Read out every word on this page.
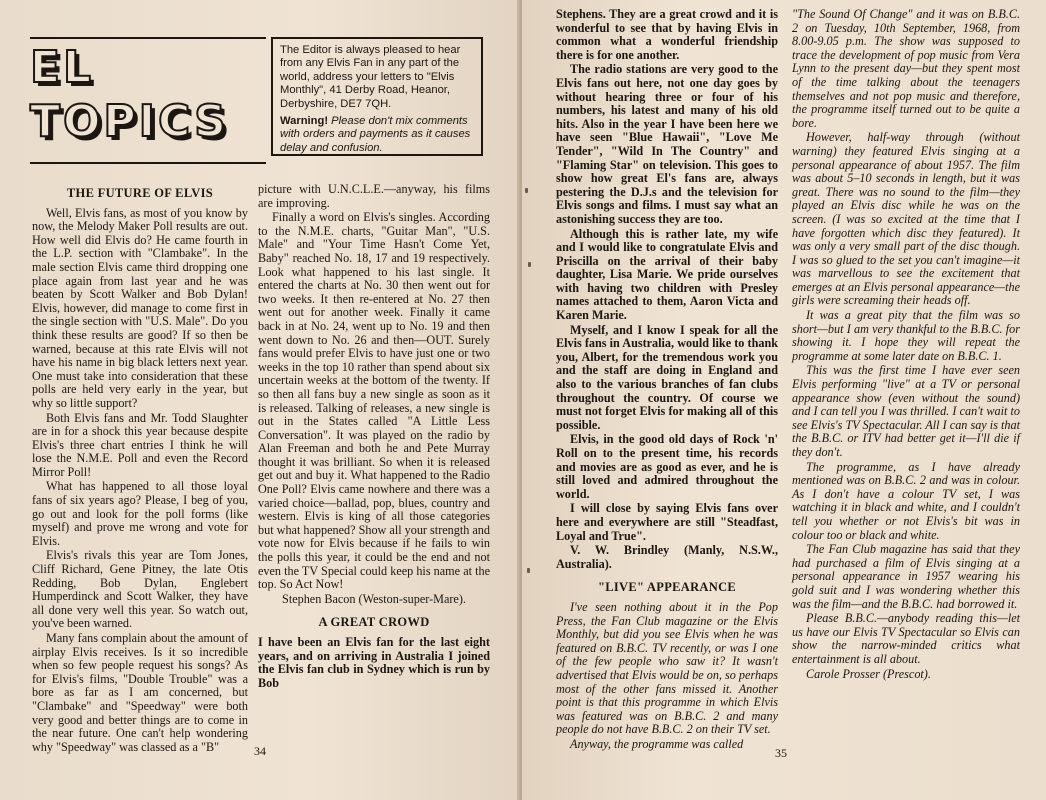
EL
TOPICS

The Editor is always pleased to hear from any Elvis Fan in any part of the world, address your letters to "Elvis Monthly", 41 Derby Road, Heanor, Derbyshire, DE7 7QH.

Warning! Please don't mix comments with orders and payments as it causes delay and confusion.

THE FUTURE OF ELVIS

Well, Elvis fans, as most of you know by now, the Melody Maker Poll results are out. How well did Elvis do? He came fourth in the L.P. section with "Clambake". In the male section Elvis came third dropping one place again from last year and he was beaten by Scott Walker and Bob Dylan! Elvis, however, did manage to come first in the single section with "U.S. Male". Do you think these results are good? If so then be warned, because at this rate Elvis will not have his name in big black letters next year. One must take into consideration that these polls are held very early in the year, but why so little support?

Both Elvis fans and Mr. Todd Slaughter are in for a shock this year because despite Elvis's three chart entries I think he will lose the N.M.E. Poll and even the Record Mirror Poll!

What has happened to all those loyal fans of six years ago? Please, I beg of you, go out and look for the poll forms (like myself) and prove me wrong and vote for Elvis.

Elvis's rivals this year are Tom Jones, Cliff Richard, Gene Pitney, the late Otis Redding, Bob Dylan, Englebert Humperdinck and Scott Walker, they have all done very well this year. So watch out, you've been warned.

Many fans complain about the amount of airplay Elvis receives. Is it so incredible when so few people request his songs? As for Elvis's films, "Double Trouble" was a bore as far as I am concerned, but "Clambake" and "Speedway" were both very good and better things are to come in the near future. One can't help wondering why "Speedway" was classed as a "B"

picture with U.N.C.L.E.—anyway, his films are improving.

Finally a word on Elvis's singles. According to the N.M.E. charts, "Guitar Man", "U.S. Male" and "Your Time Hasn't Come Yet, Baby" reached No. 18, 17 and 19 respectively. Look what happened to his last single. It entered the charts at No. 30 then went out for two weeks. It then re-entered at No. 27 then went out for another week. Finally it came back in at No. 24, went up to No. 19 and then went down to No. 26 and then—OUT. Surely fans would prefer Elvis to have just one or two weeks in the top 10 rather than spend about six uncertain weeks at the bottom of the twenty. If so then all fans buy a new single as soon as it is released. Talking of releases, a new single is out in the States called "A Little Less Conversation". It was played on the radio by Alan Freeman and both he and Pete Murray thought it was brilliant. So when it is released get out and buy it. What happened to the Radio One Poll? Elvis came nowhere and there was a varied choice—ballad, pop, blues, country and western. Elvis is king of all those categories but what happened? Show all your strength and vote now for Elvis because if he fails to win the polls this year, it could be the end and not even the TV Special could keep his name at the top. So Act Now!

Stephen Bacon (Weston-super-Mare).

A GREAT CROWD

I have been an Elvis fan for the last eight years, and on arriving in Australia I joined the Elvis fan club in Sydney which is run by Bob

34

Stephens. They are a great crowd and it is wonderful to see that by having Elvis in common what a wonderful friendship there is for one another.

The radio stations are very good to the Elvis fans out here, not one day goes by without hearing three or four of his numbers, his latest and many of his old hits. Also in the year I have been here we have seen "Blue Hawaii", "Love Me Tender", "Wild In The Country" and "Flaming Star" on television. This goes to show how great El's fans are, always pestering the D.J.s and the television for Elvis songs and films. I must say what an astonishing success they are too.

Although this is rather late, my wife and I would like to congratulate Elvis and Priscilla on the arrival of their baby daughter, Lisa Marie. We pride ourselves with having two children with Presley names attached to them, Aaron Victa and Karen Marie.

Myself, and I know I speak for all the Elvis fans in Australia, would like to thank you, Albert, for the tremendous work you and the staff are doing in England and also to the various branches of fan clubs throughout the country. Of course we must not forget Elvis for making all of this possible.

Elvis, in the good old days of Rock 'n' Roll on to the present time, his records and movies are as good as ever, and he is still loved and admired throughout the world.

I will close by saying Elvis fans over here and everywhere are still "Steadfast, Loyal and True".

V. W. Brindley (Manly, N.S.W., Australia).

"LIVE" APPEARANCE

I've seen nothing about it in the Pop Press, the Fan Club magazine or the Elvis Monthly, but did you see Elvis when he was featured on B.B.C. TV recently, or was I one of the few people who saw it? It wasn't advertised that Elvis would be on, so perhaps most of the other fans missed it. Another point is that this programme in which Elvis was featured was on B.B.C. 2 and many people do not have B.B.C. 2 on their TV set.

Anyway, the programme was called

"The Sound Of Change" and it was on B.B.C. 2 on Tuesday, 10th September, 1968, from 8.00-9.05 p.m. The show was supposed to trace the development of pop music from Vera Lynn to the present day—but they spent most of the time talking about the teenagers themselves and not pop music and therefore, the programme itself turned out to be quite a bore.

However, half-way through (without warning) they featured Elvis singing at a personal appearance of about 1957. The film was about 5–10 seconds in length, but it was great. There was no sound to the film—they played an Elvis disc while he was on the screen. (I was so excited at the time that I have forgotten which disc they featured). It was only a very small part of the disc though. I was so glued to the set you can't imagine—it was marvellous to see the excitement that emerges at an Elvis personal appearance—the girls were screaming their heads off.

It was a great pity that the film was so short—but I am very thankful to the B.B.C. for showing it. I hope they will repeat the programme at some later date on B.B.C. 1.

This was the first time I have ever seen Elvis performing "live" at a TV or personal appearance show (even without the sound) and I can tell you I was thrilled. I can't wait to see Elvis's TV Spectacular. All I can say is that the B.B.C. or ITV had better get it—I'll die if they don't.

The programme, as I have already mentioned was on B.B.C. 2 and was in colour. As I don't have a colour TV set, I was watching it in black and white, and I couldn't tell you whether or not Elvis's bit was in colour too or black and white.

The Fan Club magazine has said that they had purchased a film of Elvis singing at a personal appearance in 1957 wearing his gold suit and I was wondering whether this was the film—and the B.B.C. had borrowed it.

Please B.B.C.—anybody reading this—let us have our Elvis TV Spectacular so Elvis can show the narrow-minded critics what entertainment is all about.

Carole Prosser (Prescot).

35
